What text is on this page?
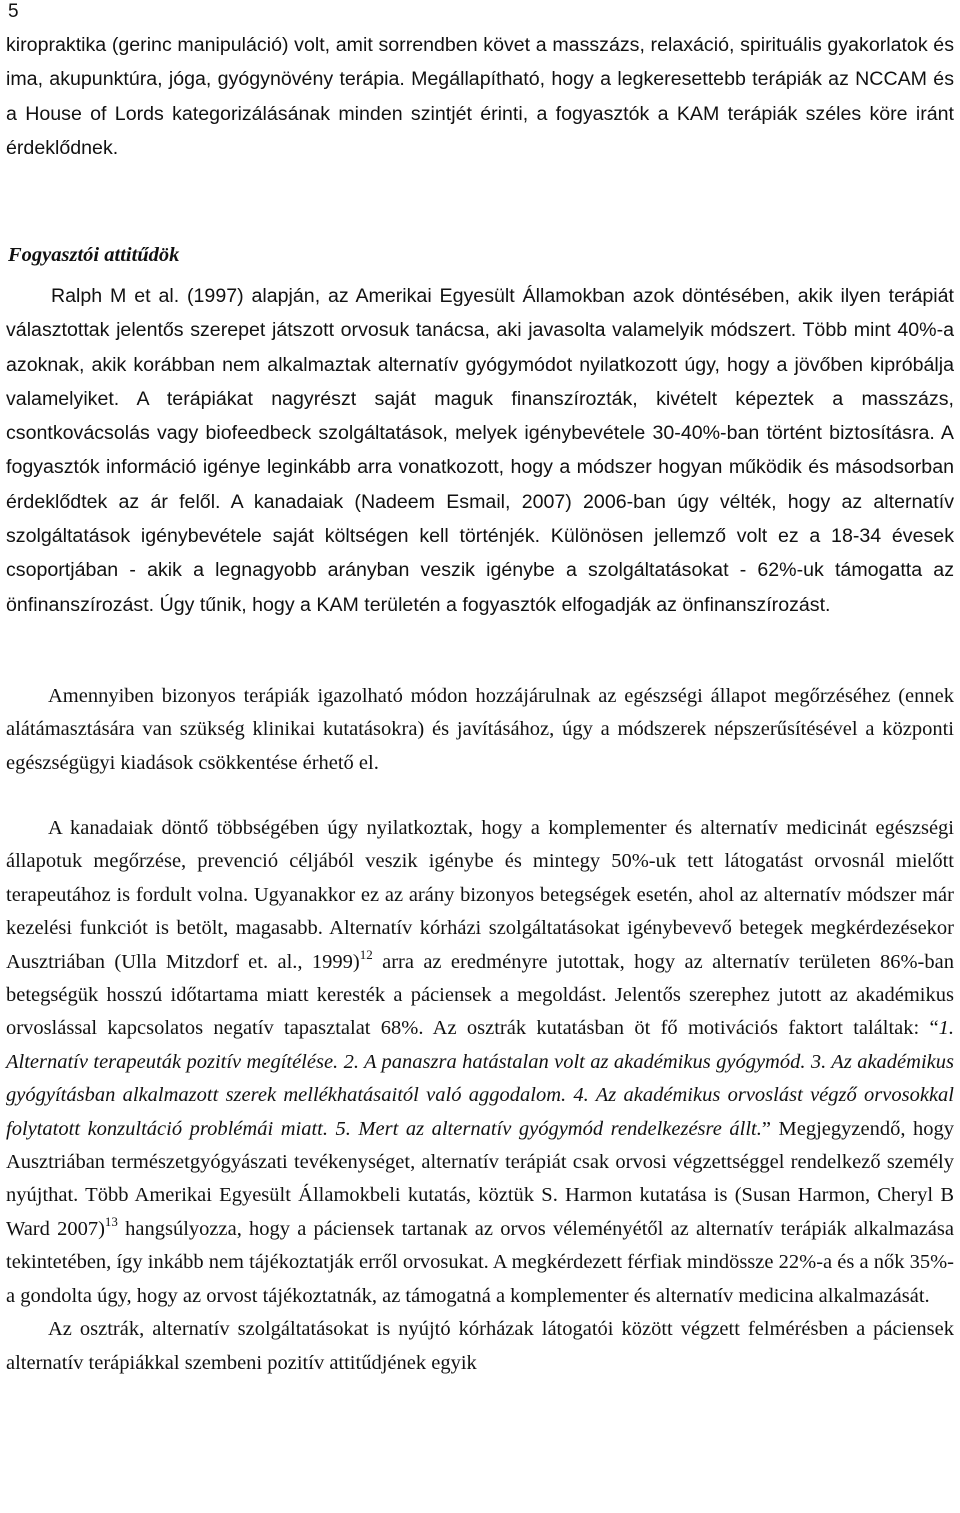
5

kiropraktika (gerinc manipuláció) volt, amit sorrendben követ a masszázs, relaxáció, spirituális gyakorlatok és ima, akupunktúra, jóga, gyógynövény terápia. Megállapítható, hogy a legkeresettebb terápiák az NCCAM és a House of Lords kategorizálásának minden szintjét érinti, a fogyasztók a KAM terápiák széles köre iránt érdeklődnek.

Fogyasztói attitűdök

Ralph M et al. (1997) alapján, az Amerikai Egyesült Államokban azok döntésében, akik ilyen terápiát választottak jelentős szerepet játszott orvosuk tanácsa, aki javasolta valamelyik módszert. Több mint 40%-a azoknak, akik korábban nem alkalmaztak alternatív gyógymódot nyilatkozott úgy, hogy a jövőben kipróbálja valamelyiket. A terápiákat nagyrészt saját maguk finanszírozták, kivételt képeztek a masszázs, csontkovácsolás vagy biofeedbeck szolgáltatások, melyek igénybevétele 30-40%-ban történt biztosításra. A fogyasztók információ igénye leginkább arra vonatkozott, hogy a módszer hogyan működik és másodsorban érdeklődtek az ár felől. A kanadaiak (Nadeem Esmail, 2007) 2006-ban úgy vélték, hogy az alternatív szolgáltatások igénybevétele saját költségen kell történjék. Különösen jellemző volt ez a 18-34 évesek csoportjában - akik a legnagyobb arányban veszik igénybe a szolgáltatásokat - 62%-uk támogatta az önfinanszírozást. Úgy tűnik, hogy a KAM területén a fogyasztók elfogadják az önfinanszírozást.

Amennyiben bizonyos terápiák igazolható módon hozzájárulnak az egészségi állapot megőrzéséhez (ennek alátámasztására van szükség klinikai kutatásokra) és javításához, úgy a módszerek népszerűsítésével a központi egészségügyi kiadások csökkentése érhető el.

A kanadaiak döntő többségében úgy nyilatkoztak, hogy a komplementer és alternatív medicinát egészségi állapotuk megőrzése, prevenció céljából veszik igénybe és mintegy 50%-uk tett látogatást orvosnál mielőtt terapeutához is fordult volna. Ugyanakkor ez az arány bizonyos betegségek esetén, ahol az alternatív módszer már kezelési funkciót is betölt, magasabb. Alternatív kórházi szolgáltatásokat igénybevevő betegek megkérdezésekor Ausztriában (Ulla Mitzdorf et. al., 1999)$^{12}$ arra az eredményre jutottak, hogy az alternatív területen 86%-ban betegségük hosszú időtartama miatt keresték a páciensek a megoldást. Jelentős szerephez jutott az akadémikus orvoslással kapcsolatos negatív tapasztalat 68%. Az osztrák kutatásban öt fő motivációs faktort találtak: “1. Alternatív terapeuták pozitív megítélése. 2. A panaszra hatástalan volt az akadémikus gyógymód. 3. Az akadémikus gyógyításban alkalmazott szerek mellékhatásaitól való aggodalom. 4. Az akadémikus orvoslást végző orvosokkal folytatott konzultáció problémái miatt. 5. Mert az alternatív gyógymód rendelkezésre állt.” Megjegyzendő, hogy Ausztriában természetgyógyászati tevékenységet, alternatív terápiát csak orvosi végzettséggel rendelkező személy nyújthat. Több Amerikai Egyesült Államokbeli kutatás, köztük S. Harmon kutatása is (Susan Harmon, Cheryl B Ward 2007)$^{13}$ hangsúlyozza, hogy a páciensek tartanak az orvos véleményétől az alternatív terápiák alkalmazása tekintetében, így inkább nem tájékoztatják erről orvosukat. A megkérdezett férfiak mindössze 22%-a és a nők 35%-a gondolta úgy, hogy az orvost tájékoztatnák, az támogatná a komplementer és alternatív medicina alkalmazását.

Az osztrák, alternatív szolgáltatásokat is nyújtó kórházak látogatói között végzett felmérésben a páciensek alternatív terápiákkal szembeni pozitív attitűdjének egyik
